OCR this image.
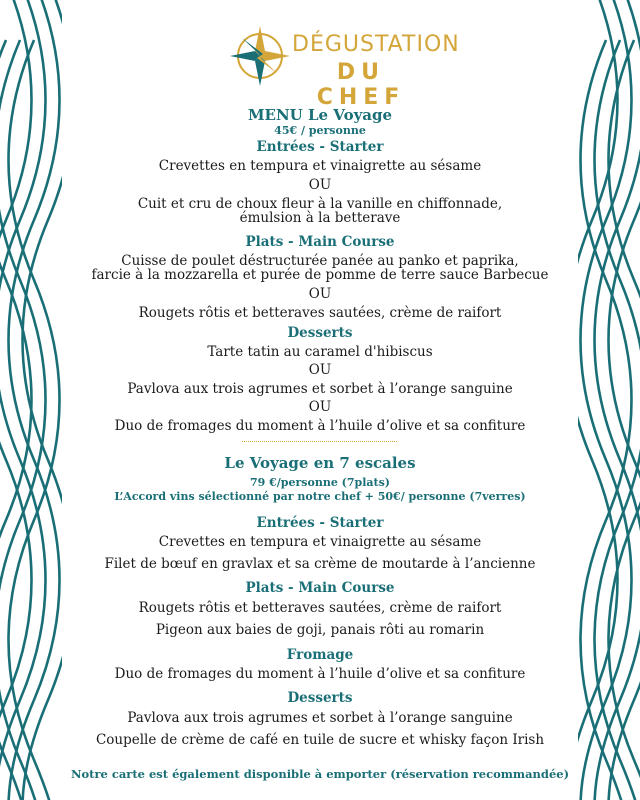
DÉGUSTATION
DU CHEF
MENU Le Voyage
45€ / personne
Entrées - Starter
Crevettes en tempura et vinaigrette au sésame
OU
Cuit et cru de choux fleur à la vanille en chiffonnade,
émulsion à la betterave
Plats - Main Course
Cuisse de poulet déstructurée panée au panko et paprika,
farcie à la mozzarella et purée de pomme de terre sauce Barbecue
OU
Rougets rôtis et betteraves sautées, crème de raifort
Desserts
Tarte tatin au caramel d'hibiscus
OU
Pavlova aux trois agrumes et sorbet à l’orange sanguine
OU
Duo de fromages du moment à l’huile d’olive et sa confiture
Le Voyage en 7 escales
79 €/personne (7plats)
L’Accord vins sélectionné par notre chef + 50€/ personne (7verres)
Entrées - Starter
Crevettes en tempura et vinaigrette au sésame
Filet de bœuf en gravlax et sa crème de moutarde à l’ancienne
Plats - Main Course
Rougets rôtis et betteraves sautées, crème de raifort
Pigeon aux baies de goji, panais rôti au romarin
Fromage
Duo de fromages du moment à l’huile d’olive et sa confiture
Desserts
Pavlova aux trois agrumes et sorbet à l’orange sanguine
Coupelle de crème de café en tuile de sucre et whisky façon Irish
Notre carte est également disponible à emporter (réservation recommandée)
